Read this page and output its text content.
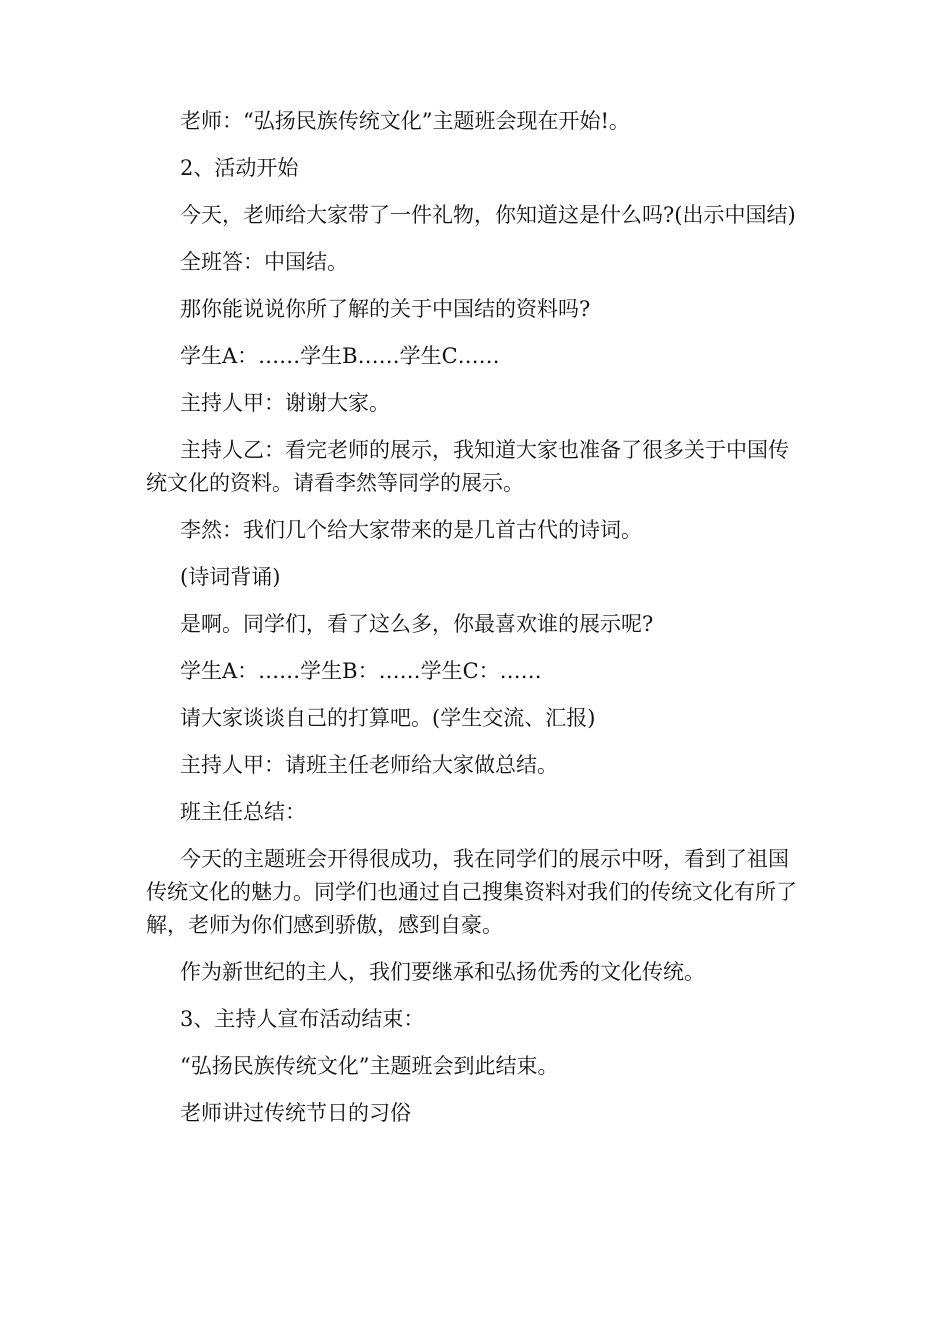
老师：“弘扬民族传统文化”主题班会现在开始!。

2、活动开始

今天，老师给大家带了一件礼物，你知道这是什么吗?(出示中国结)

全班答：中国结。

那你能说说你所了解的关于中国结的资料吗?

学生A：……学生B……学生C……

主持人甲：谢谢大家。

主持人乙：看完老师的展示，我知道大家也准备了很多关于中国传统文化的资料。请看李然等同学的展示。

李然：我们几个给大家带来的是几首古代的诗词。

(诗词背诵)

是啊。同学们，看了这么多，你最喜欢谁的展示呢?

学生A：……学生B：……学生C：……

请大家谈谈自己的打算吧。(学生交流、汇报)

主持人甲：请班主任老师给大家做总结。

班主任总结：

今天的主题班会开得很成功，我在同学们的展示中呀，看到了祖国传统文化的魅力。同学们也通过自己搜集资料对我们的传统文化有所了解，老师为你们感到骄傲，感到自豪。

作为新世纪的主人，我们要继承和弘扬优秀的文化传统。

3、主持人宣布活动结束：

“弘扬民族传统文化”主题班会到此结束。

老师讲过传统节日的习俗
